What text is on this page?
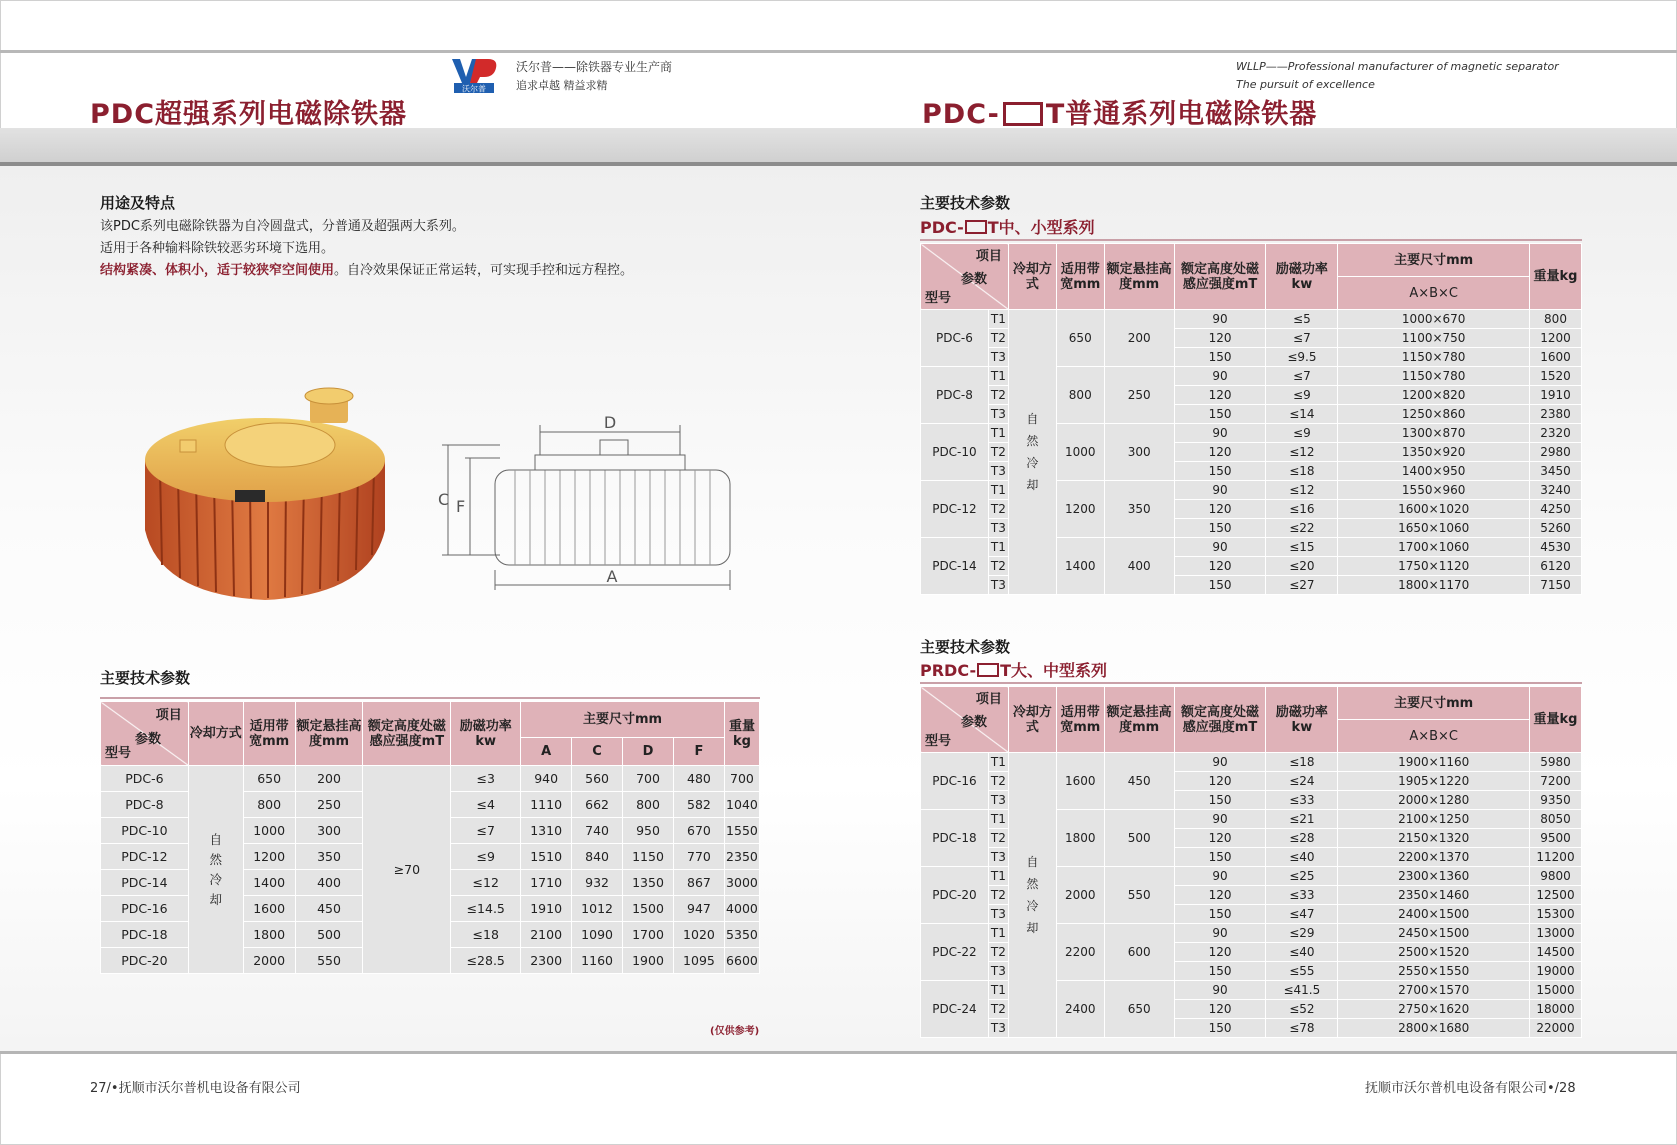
沃尔普
沃尔普——除铁器专业生产商
追求卓越 精益求精
WLLP——Professional manufacturer of magnetic separator
The pursuit of excellence
PDC超强系列电磁除铁器	PDC- T普通系列电磁除铁器
用途及特点
该PDC系列电磁除铁器为自冷圆盘式，分普通及超强两大系列。
适用于各种输料除铁较恶劣环境下选用。
结构紧凑、体积小，适于较狭窄空间使用。自冷效果保证正常运转，可实现手控和远方程控。
D
A
C F
主要技术参数
项目
参数
型号	冷却方式	适用带宽mm	额定悬挂高度mm	额定高度处磁感应强度mT	励磁功率kw	主要尺寸mm				重量kg
						A	C	D	F	
PDC-6	自
然
冷
却	650	200	≥70	≤3	940	560	700	480	700
PDC-8		800	250		≤4	1110	662	800	582	1040
PDC-10		1000	300		≤7	1310	740	950	670	1550
PDC-12		1200	350		≤9	1510	840	1150	770	2350
PDC-14		1400	400		≤12	1710	932	1350	867	3000
PDC-16		1600	450		≤14.5	1910	1012	1500	947	4000
PDC-18		1800	500		≤18	2100	1090	1700	1020	5350
PDC-20		2000	550		≤28.5	2300	1160	1900	1095	6600
(仅供参考)
主要技术参数
PDC- T中、小型系列
项目
参数
型号		冷却方式	适用带宽mm	额定悬挂高度mm	额定高度处磁感应强度mT	励磁功率kw	主要尺寸mm	重量kg
							A×B×C	
PDC-6	T1	自
然
冷
却	650	200	90	≤5	1000×670	800
	T2				120	≤7	1100×750	1200
	T3				150	≤9.5	1150×780	1600
PDC-8	T1		800	250	90	≤7	1150×780	1520
	T2				120	≤9	1200×820	1910
	T3				150	≤14	1250×860	2380
PDC-10	T1		1000	300	90	≤9	1300×870	2320
	T2				120	≤12	1350×920	2980
	T3				150	≤18	1400×950	3450
PDC-12	T1		1200	350	90	≤12	1550×960	3240
	T2				120	≤16	1600×1020	4250
	T3				150	≤22	1650×1060	5260
PDC-14	T1		1400	400	90	≤15	1700×1060	4530
	T2				120	≤20	1750×1120	6120
	T3				150	≤27	1800×1170	7150
主要技术参数
PRDC- T大、中型系列
项目
参数
型号		冷却方式	适用带宽mm	额定悬挂高度mm	额定高度处磁感应强度mT	励磁功率kw	主要尺寸mm	重量kg
							A×B×C	
PDC-16	T1	自
然
冷
却	1600	450	90	≤18	1900×1160	5980
	T2				120	≤24	1905×1220	7200
	T3				150	≤33	2000×1280	9350
PDC-18	T1		1800	500	90	≤21	2100×1250	8050
	T2				120	≤28	2150×1320	9500
	T3				150	≤40	2200×1370	11200
PDC-20	T1		2000	550	90	≤25	2300×1360	9800
	T2				120	≤33	2350×1460	12500
	T3				150	≤47	2400×1500	15300
PDC-22	T1		2200	600	90	≤29	2450×1500	13000
	T2				120	≤40	2500×1520	14500
	T3				150	≤55	2550×1550	19000
PDC-24	T1		2400	650	90	≤41.5	2700×1570	15000
	T2				120	≤52	2750×1620	18000
	T3				150	≤78	2800×1680	22000
27/•抚顺市沃尔普机电设备有限公司	抚顺市沃尔普机电设备有限公司•/28
